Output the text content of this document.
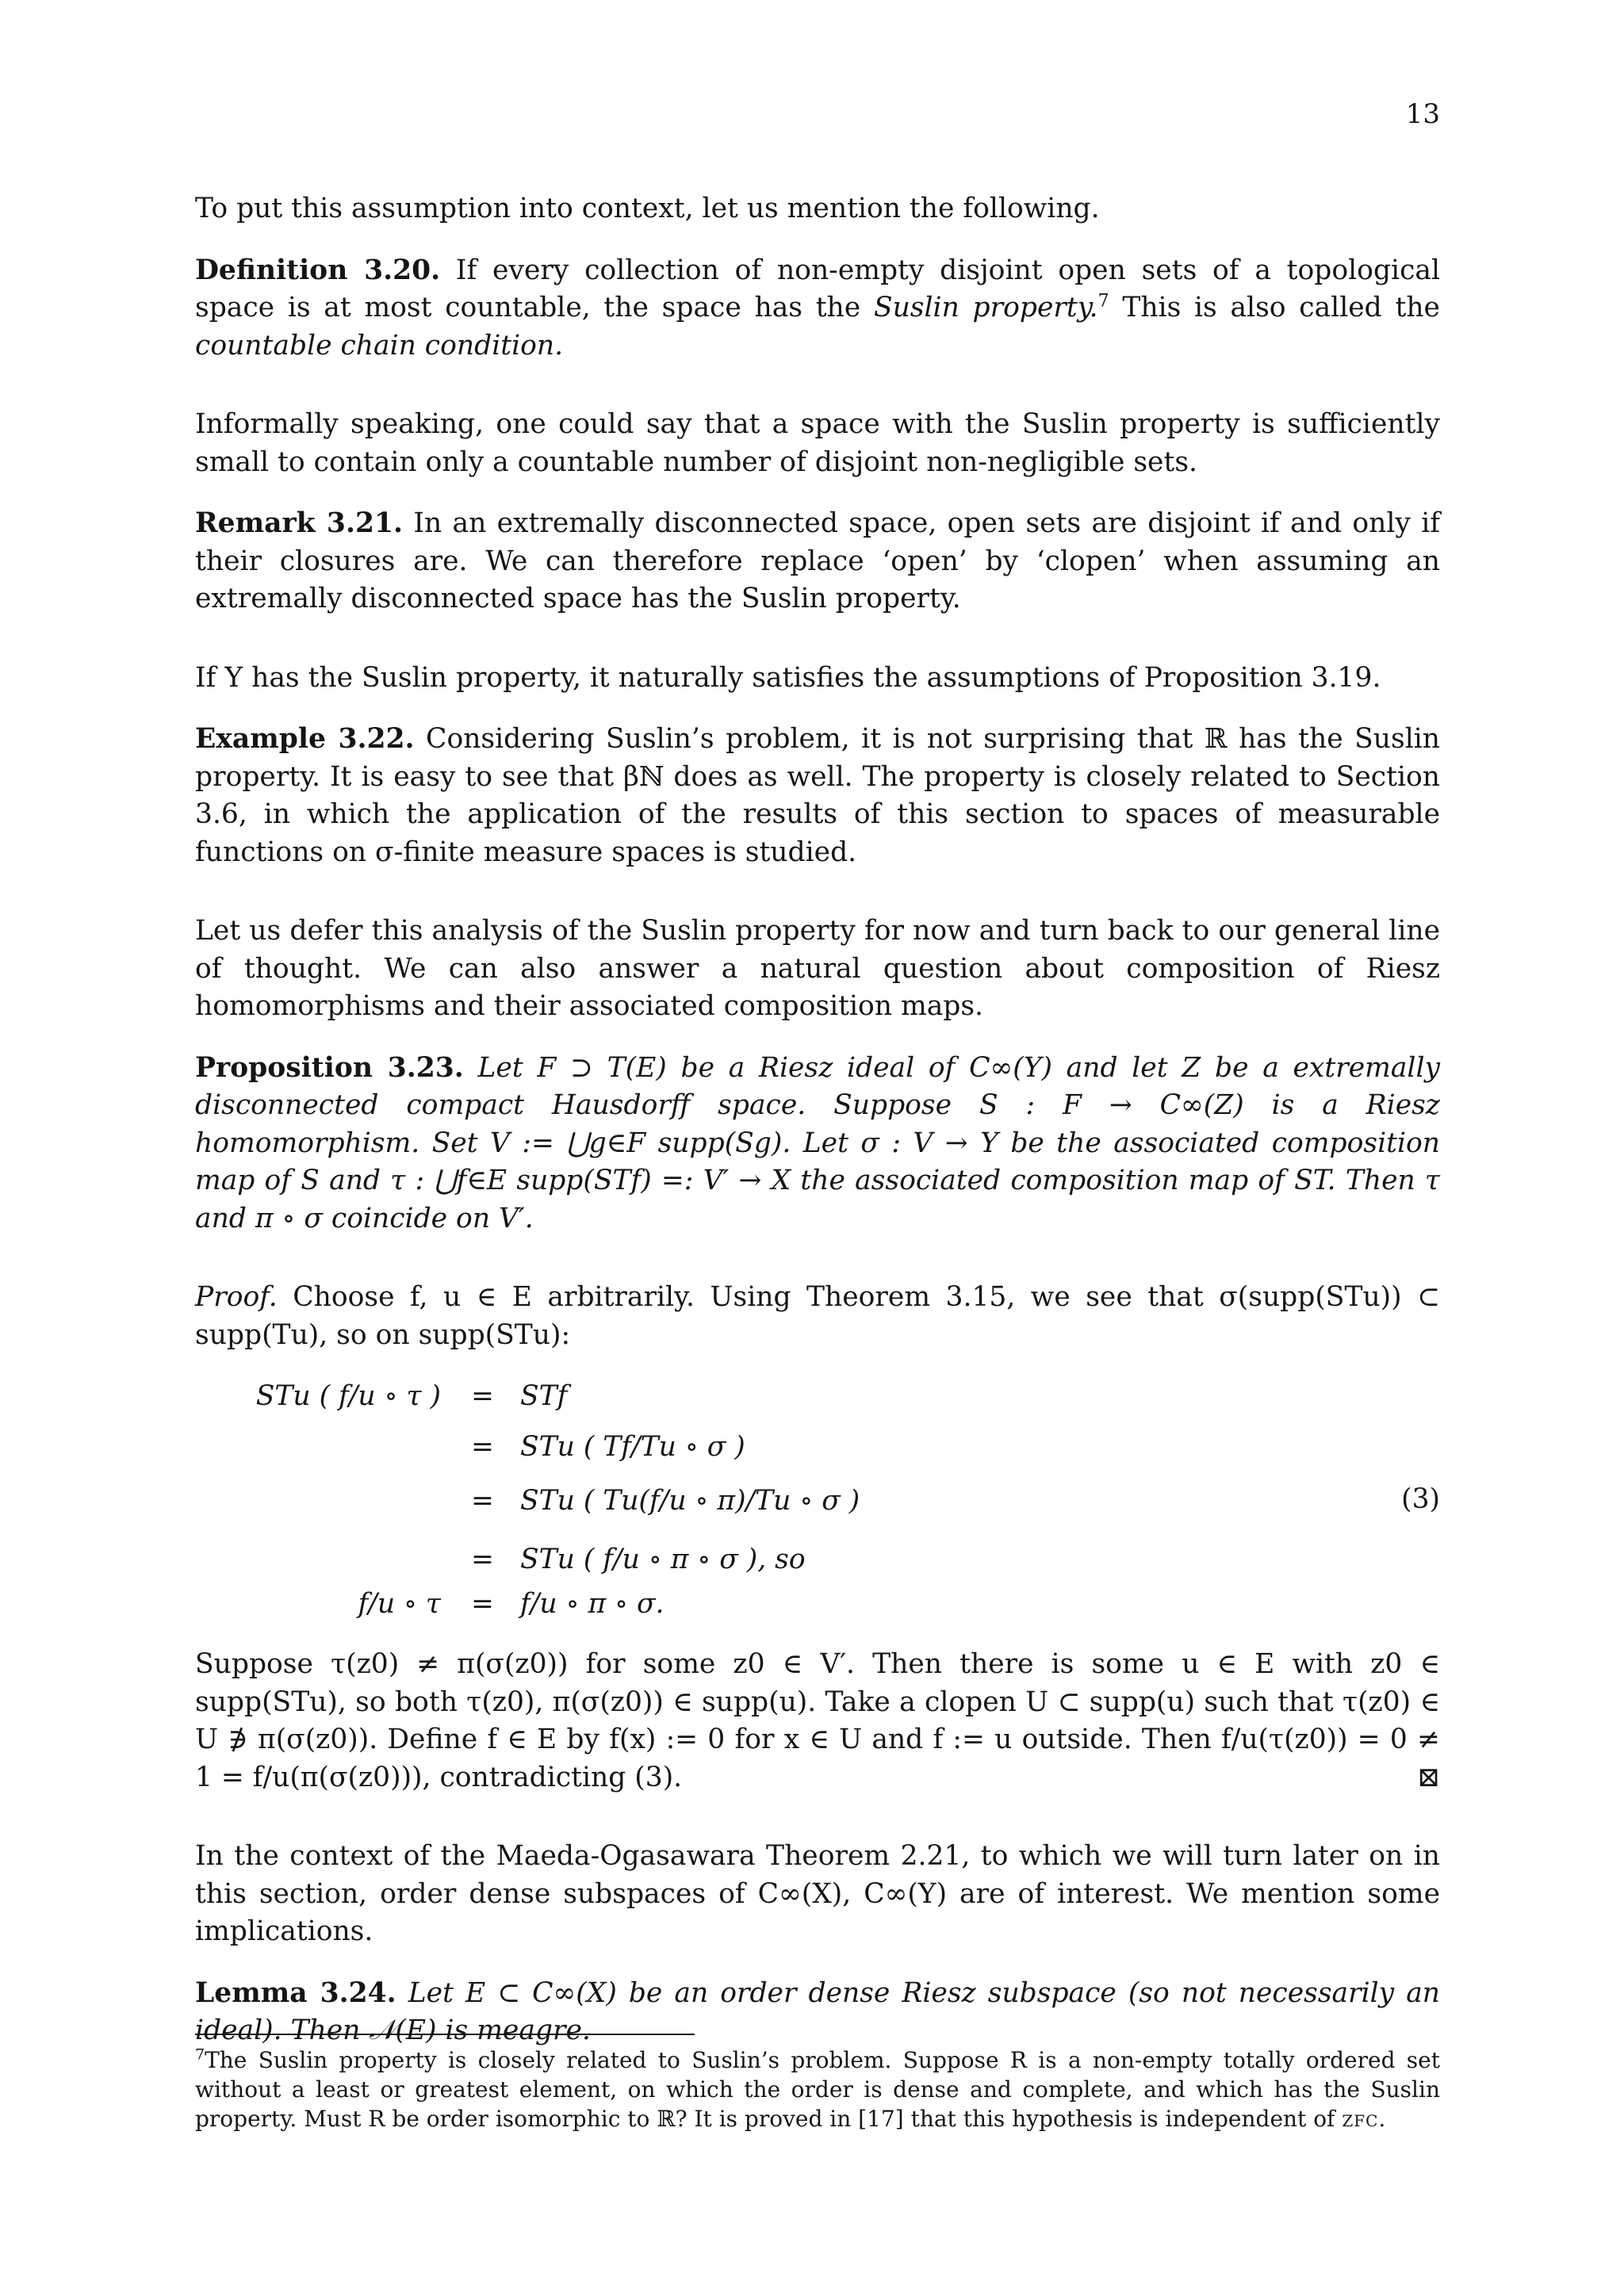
13

To put this assumption into context, let us mention the following.

Definition 3.20. If every collection of non-empty disjoint open sets of a topological space is at most countable, the space has the Suslin property.$^7$ This is also called the countable chain condition.

Informally speaking, one could say that a space with the Suslin property is sufficiently small to contain only a countable number of disjoint non-negligible sets.

Remark 3.21. In an extremally disconnected space, open sets are disjoint if and only if their closures are. We can therefore replace ‘open’ by ‘clopen’ when assuming an extremally disconnected space has the Suslin property.

If Y has the Suslin property, it naturally satisfies the assumptions of Proposition 3.19.

Example 3.22. Considering Suslin’s problem, it is not surprising that ℝ has the Suslin property. It is easy to see that βℕ does as well. The property is closely related to Section 3.6, in which the application of the results of this section to spaces of measurable functions on σ-finite measure spaces is studied.

Let us defer this analysis of the Suslin property for now and turn back to our general line of thought. We can also answer a natural question about composition of Riesz homomorphisms and their associated composition maps.

Proposition 3.23. Let F ⊃ T(E) be a Riesz ideal of C∞(Y) and let Z be a extremally disconnected compact Hausdorff space. Suppose S : F → C∞(Z) is a Riesz homomorphism. Set V := ⋃g∈F supp(Sg). Let σ : V → Y be the associated composition map of S and τ : ⋃f∈E supp(STf) =: V′ → X the associated composition map of ST. Then τ and π ∘ σ coincide on V′.

Proof. Choose f, u ∈ E arbitrarily. Using Theorem 3.15, we see that σ(supp(STu)) ⊂ supp(Tu), so on supp(STu):

STu ( f/u ∘ τ ) = STf
= STu ( Tf/Tu ∘ σ )
= STu ( Tu(f/u ∘ π)/Tu ∘ σ )
= STu ( f/u ∘ π ∘ σ ), so
f/u ∘ τ = f/u ∘ π ∘ σ.
(3)

Suppose τ(z0) ≠ π(σ(z0)) for some z0 ∈ V′. Then there is some u ∈ E with z0 ∈ supp(STu), so both τ(z0), π(σ(z0)) ∈ supp(u). Take a clopen U ⊂ supp(u) such that τ(z0) ∈ U ∌ π(σ(z0)). Define f ∈ E by f(x) := 0 for x ∈ U and f := u outside. Then f/u(τ(z0)) = 0 ≠ 1 = f/u(π(σ(z0))), contradicting (3).	⊠

In the context of the Maeda-Ogasawara Theorem 2.21, to which we will turn later on in this section, order dense subspaces of C∞(X), C∞(Y) are of interest. We mention some implications.

Lemma 3.24. Let E ⊂ C∞(X) be an order dense Riesz subspace (so not necessarily an ideal). Then 𝒩(E) is meagre.

$^7$The Suslin property is closely related to Suslin’s problem. Suppose R is a non-empty totally ordered set without a least or greatest element, on which the order is dense and complete, and which has the Suslin property. Must R be order isomorphic to ℝ? It is proved in [17] that this hypothesis is independent of zfc.
